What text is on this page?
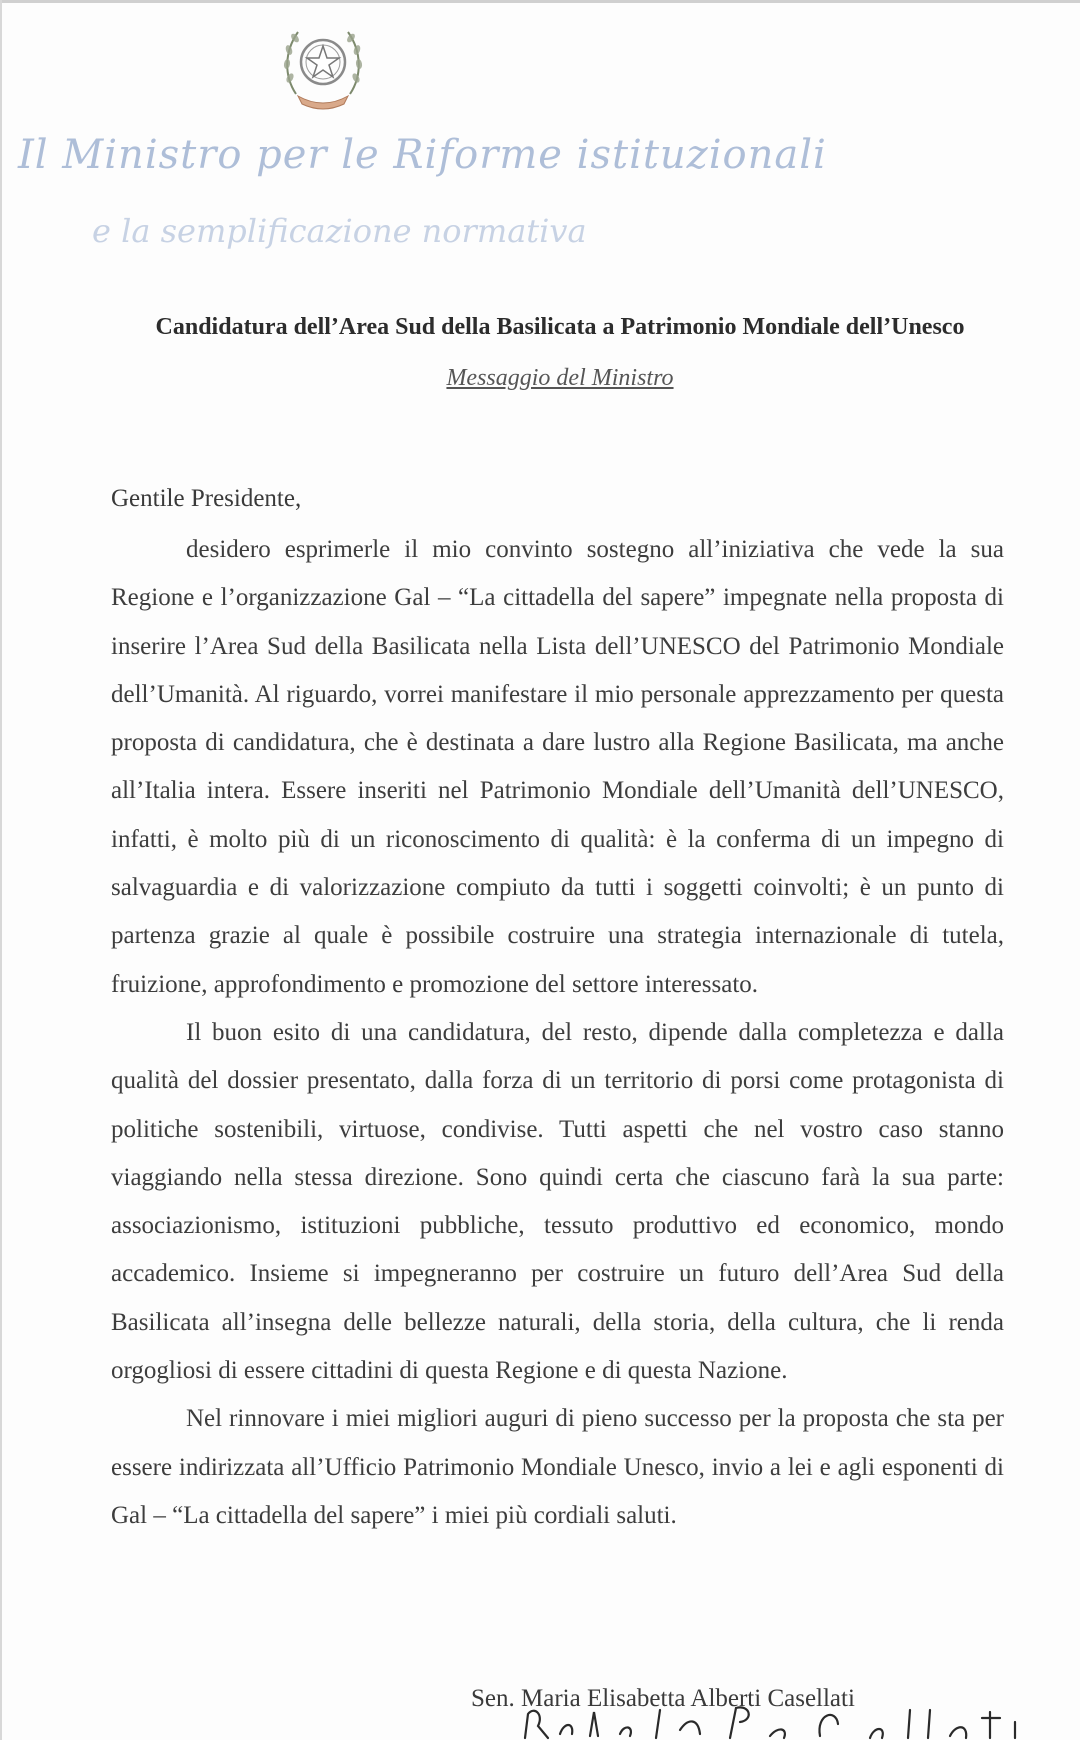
Il Ministro per le Riforme istituzionali
e la semplificazione normativa
Candidatura dell’Area Sud della Basilicata a Patrimonio Mondiale dell’Unesco
Messaggio del Ministro
Gentile Presidente,

desidero esprimerle il mio convinto sostegno all’iniziativa che vede la sua Regione e l’organizzazione Gal – “La cittadella del sapere” impegnate nella proposta di inserire l’Area Sud della Basilicata nella Lista dell’UNESCO del Patrimonio Mondiale dell’Umanità. Al riguardo, vorrei manifestare il mio personale apprezzamento per questa proposta di candidatura, che è destinata a dare lustro alla Regione Basilicata, ma anche all’Italia intera. Essere inseriti nel Patrimonio Mondiale dell’Umanità dell’UNESCO, infatti, è molto più di un riconoscimento di qualità: è la conferma di un impegno di salvaguardia e di valorizzazione compiuto da tutti i soggetti coinvolti; è un punto di partenza grazie al quale è possibile costruire una strategia internazionale di tutela, fruizione, approfondimento e promozione del settore interessato.

Il buon esito di una candidatura, del resto, dipende dalla completezza e dalla qualità del dossier presentato, dalla forza di un territorio di porsi come protagonista di politiche sostenibili, virtuose, condivise. Tutti aspetti che nel vostro caso stanno viaggiando nella stessa direzione. Sono quindi certa che ciascuno farà la sua parte: associazionismo, istituzioni pubbliche, tessuto produttivo ed economico, mondo accademico. Insieme si impegneranno per costruire un futuro dell’Area Sud della Basilicata all’insegna delle bellezze naturali, della storia, della cultura, che li renda orgogliosi di essere cittadini di questa Regione e di questa Nazione.

Nel rinnovare i miei migliori auguri di pieno successo per la proposta che sta per essere indirizzata all’Ufficio Patrimonio Mondiale Unesco, invio a lei e agli esponenti di Gal – “La cittadella del sapere” i miei più cordiali saluti.

Sen. Maria Elisabetta Alberti Casellati
